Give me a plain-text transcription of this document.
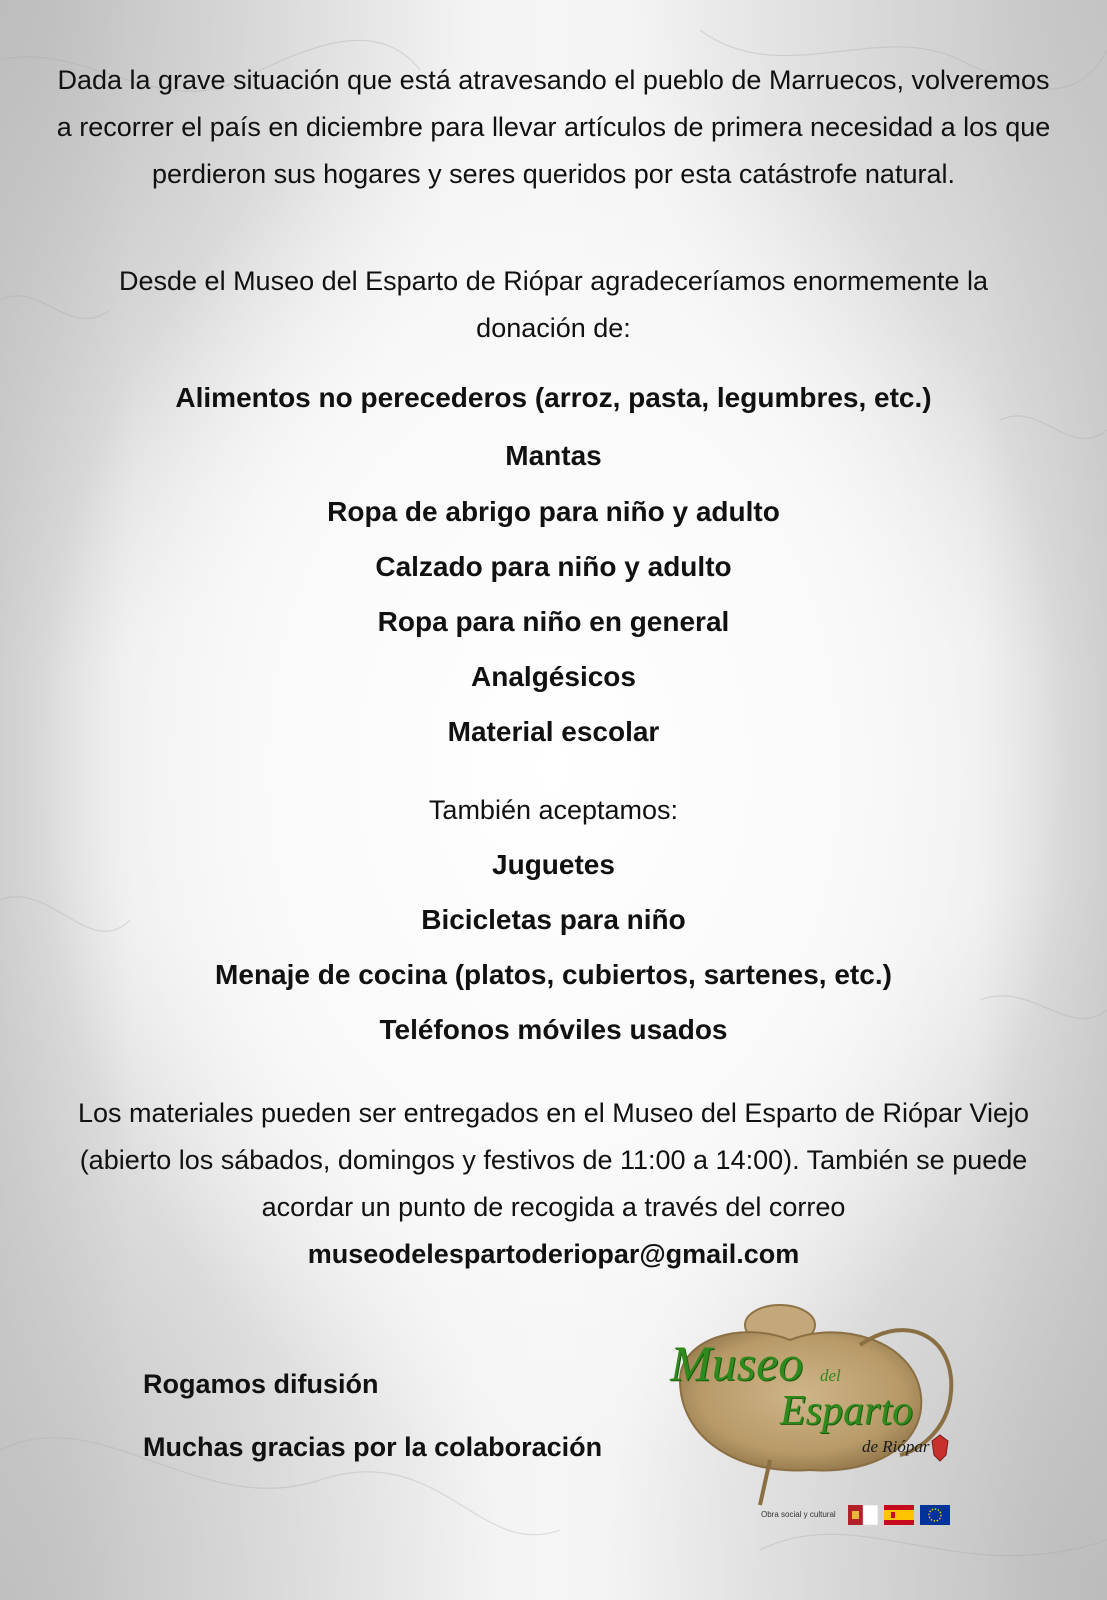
Dada la grave situación que está atravesando el pueblo de Marruecos, volveremos a recorrer el país en diciembre para llevar artículos de primera necesidad a los que perdieron sus hogares y seres queridos por esta catástrofe natural.

Desde el Museo del Esparto de Riópar agradeceríamos enormemente la donación de:

Alimentos no perecederos (arroz, pasta, legumbres, etc.)
Mantas
Ropa de abrigo para niño y adulto
Calzado para niño y adulto
Ropa para niño en general
Analgésicos
Material escolar
También aceptamos:
Juguetes
Bicicletas para niño
Menaje de cocina (platos, cubiertos, sartenes, etc.)
Teléfonos móviles usados

Los materiales pueden ser entregados en el Museo del Esparto de Riópar Viejo (abierto los sábados, domingos y festivos de 11:00 a 14:00). También se puede acordar un punto de recogida a través del correo
museodelespartoderiopar@gmail.com

Rogamos difusión
Muchas gracias por la colaboración
Museo del
Esparto
de Riópar
Obra social y cultural
